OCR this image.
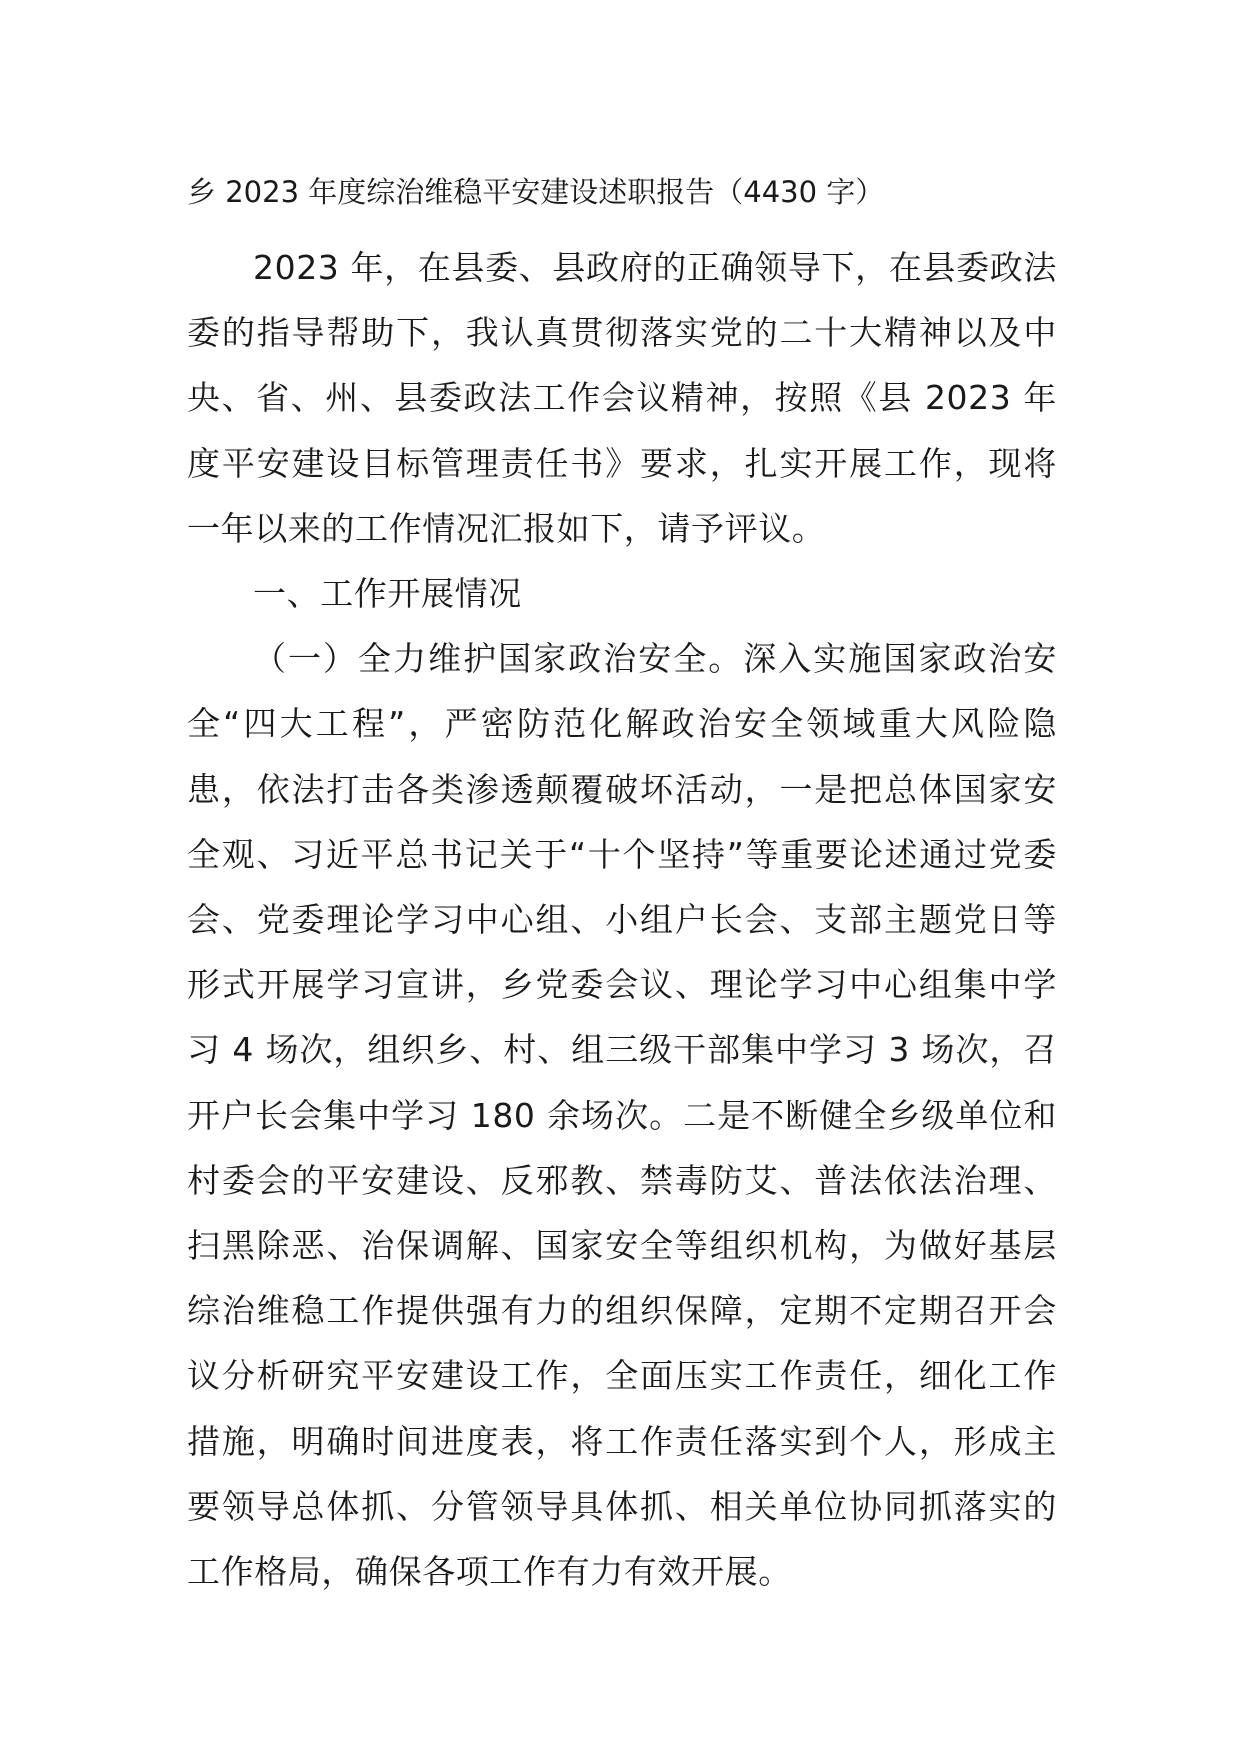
乡 2023 年度综治维稳平安建设述职报告（4430 字）

2023 年，在县委、县政府的正确领导下，在县委政法委的指导帮助下，我认真贯彻落实党的二十大精神以及中央、省、州、县委政法工作会议精神，按照《县 2023 年度平安建设目标管理责任书》要求，扎实开展工作，现将一年以来的工作情况汇报如下，请予评议。

一、工作开展情况

（一）全力维护国家政治安全。深入实施国家政治安全“四大工程”，严密防范化解政治安全领域重大风险隐患，依法打击各类渗透颠覆破坏活动，一是把总体国家安全观、习近平总书记关于“十个坚持”等重要论述通过党委会、党委理论学习中心组、小组户长会、支部主题党日等形式开展学习宣讲，乡党委会议、理论学习中心组集中学习 4 场次，组织乡、村、组三级干部集中学习 3 场次，召开户长会集中学习 180 余场次。二是不断健全乡级单位和村委会的平安建设、反邪教、禁毒防艾、普法依法治理、扫黑除恶、治保调解、国家安全等组织机构，为做好基层综治维稳工作提供强有力的组织保障，定期不定期召开会议分析研究平安建设工作，全面压实工作责任，细化工作措施，明确时间进度表，将工作责任落实到个人，形成主要领导总体抓、分管领导具体抓、相关单位协同抓落实的工作格局，确保各项工作有力有效开展。
